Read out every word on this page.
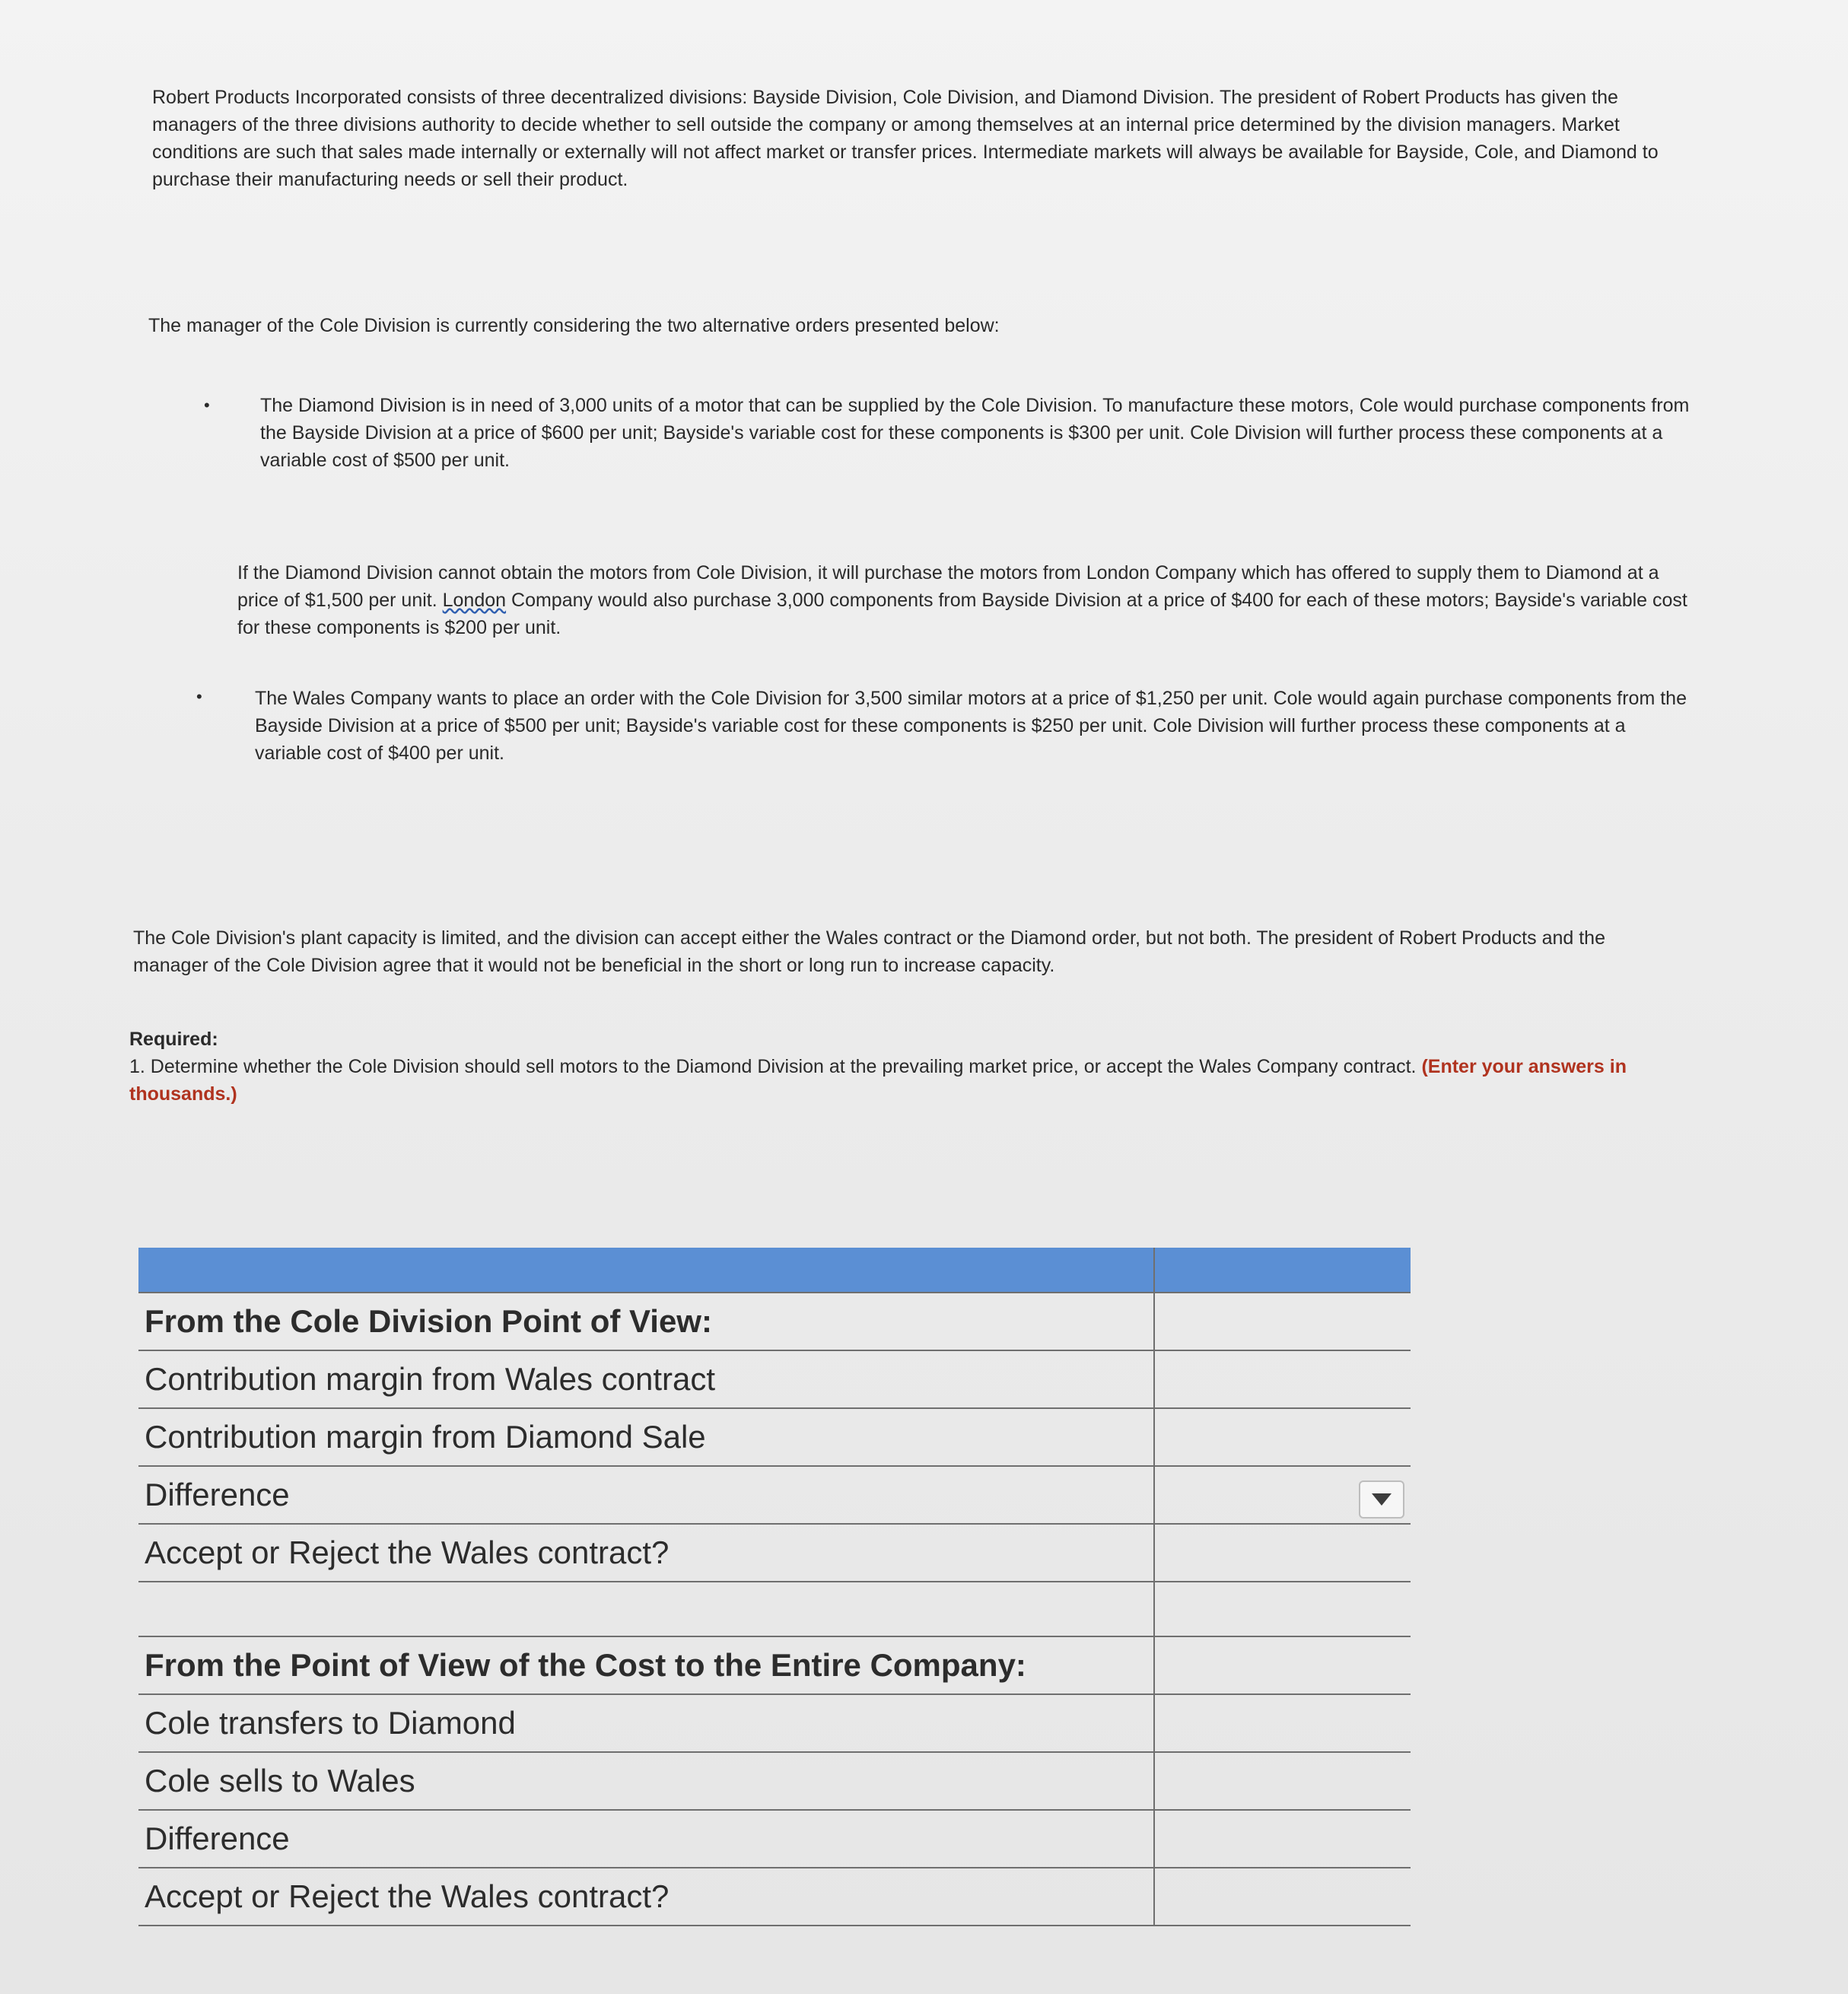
Robert Products Incorporated consists of three decentralized divisions: Bayside Division, Cole Division, and Diamond Division. The president of Robert Products has given the managers of the three divisions authority to decide whether to sell outside the company or among themselves at an internal price determined by the division managers. Market conditions are such that sales made internally or externally will not affect market or transfer prices. Intermediate markets will always be available for Bayside, Cole, and Diamond to purchase their manufacturing needs or sell their product.

The manager of the Cole Division is currently considering the two alternative orders presented below:

•	The Diamond Division is in need of 3,000 units of a motor that can be supplied by the Cole Division. To manufacture these motors, Cole would purchase components from the Bayside Division at a price of $600 per unit; Bayside's variable cost for these components is $300 per unit. Cole Division will further process these components at a variable cost of $500 per unit.

If the Diamond Division cannot obtain the motors from Cole Division, it will purchase the motors from London Company which has offered to supply them to Diamond at a price of $1,500 per unit. London Company would also purchase 3,000 components from Bayside Division at a price of $400 for each of these motors; Bayside's variable cost for these components is $200 per unit.

•	The Wales Company wants to place an order with the Cole Division for 3,500 similar motors at a price of $1,250 per unit. Cole would again purchase components from the Bayside Division at a price of $500 per unit; Bayside's variable cost for these components is $250 per unit. Cole Division will further process these components at a variable cost of $400 per unit.

The Cole Division's plant capacity is limited, and the division can accept either the Wales contract or the Diamond order, but not both. The president of Robert Products and the manager of the Cole Division agree that it would not be beneficial in the short or long run to increase capacity.

Required:
1. Determine whether the Cole Division should sell motors to the Diamond Division at the prevailing market price, or accept the Wales Company contract. (Enter your answers in thousands.)

From the Cole Division Point of View:	
Contribution margin from Wales contract	
Contribution margin from Diamond Sale	
Difference	

Accept or Reject the Wales contract?	

From the Point of View of the Cost to the Entire Company:	
Cole transfers to Diamond	
Cole sells to Wales	
Difference	
Accept or Reject the Wales contract?	
